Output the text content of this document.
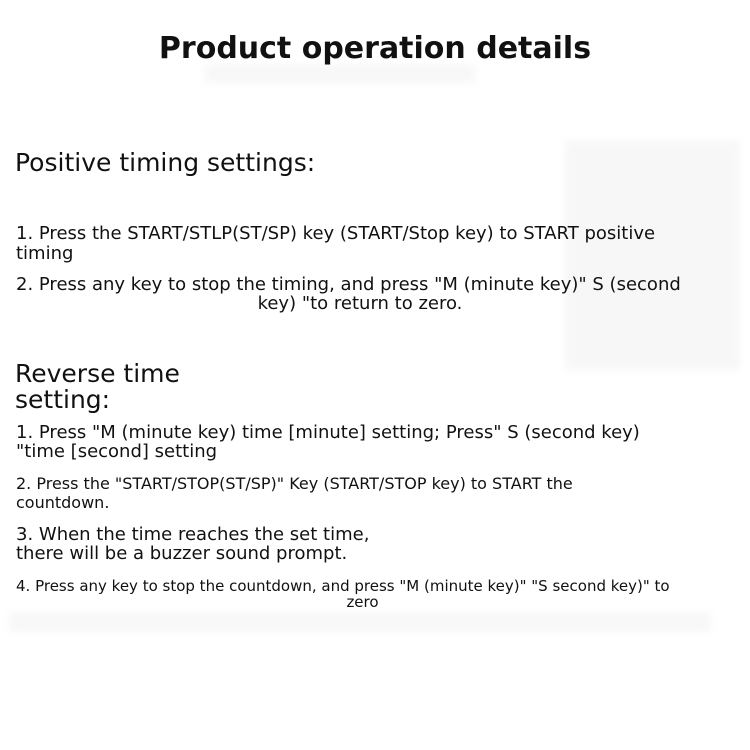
Product operation details
Positive timing settings:

1. Press the START/STLP(ST/SP) key (START/Stop key) to START positive

timing

2. Press any key to stop the timing, and press "M (minute key)" S (second

key) "to return to zero.

Reverse time
setting:

1. Press "M (minute key) time [minute] setting; Press" S (second key)

"time [second] setting

2. Press the "START/STOP(ST/SP)" Key (START/STOP key) to START the

countdown.

3. When the time reaches the set time,

there will be a buzzer sound prompt.

4. Press any key to stop the countdown, and press "M (minute key)" "S second key)" to

zero
